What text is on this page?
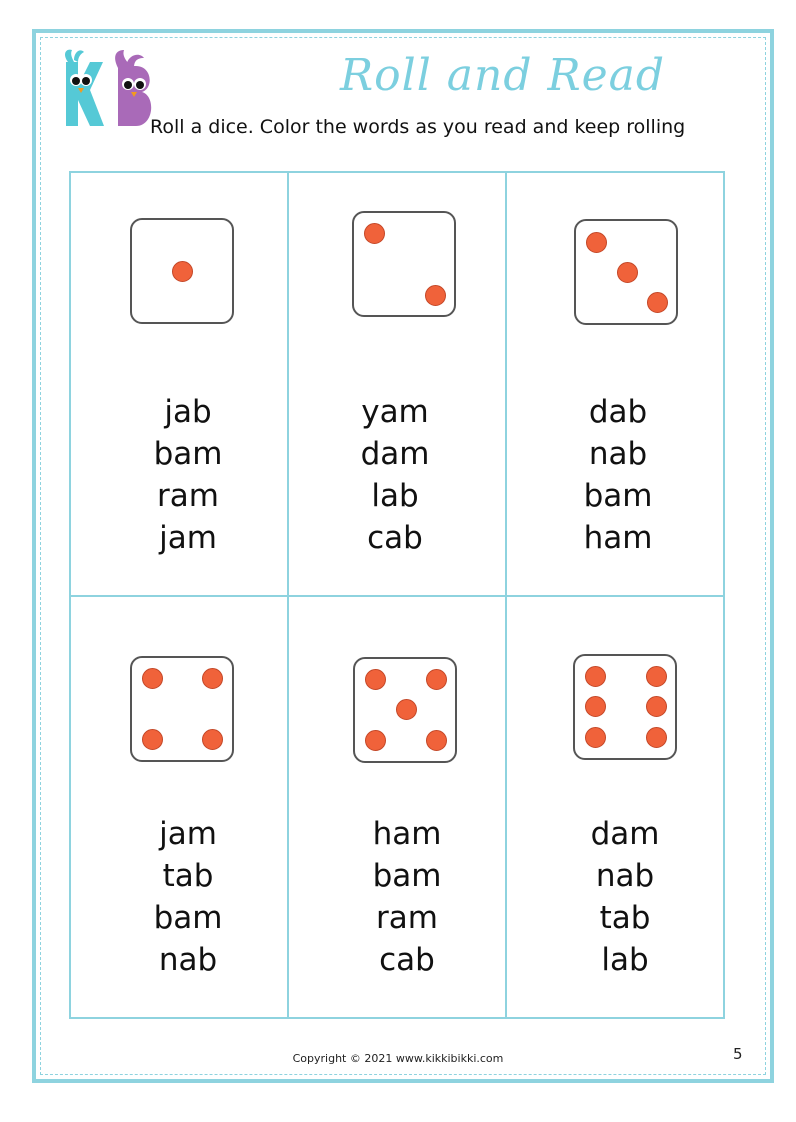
Roll and Read
Roll a dice. Color the words as you read and keep rolling
jab
bam
ram
jam
yam
dam
lab
cab
dab
nab
bam
ham
jam
tab
bam
nab
ham
bam
ram
cab
dam
nab
tab
lab
Copyright © 2021 www.kikkibikki.com	5
